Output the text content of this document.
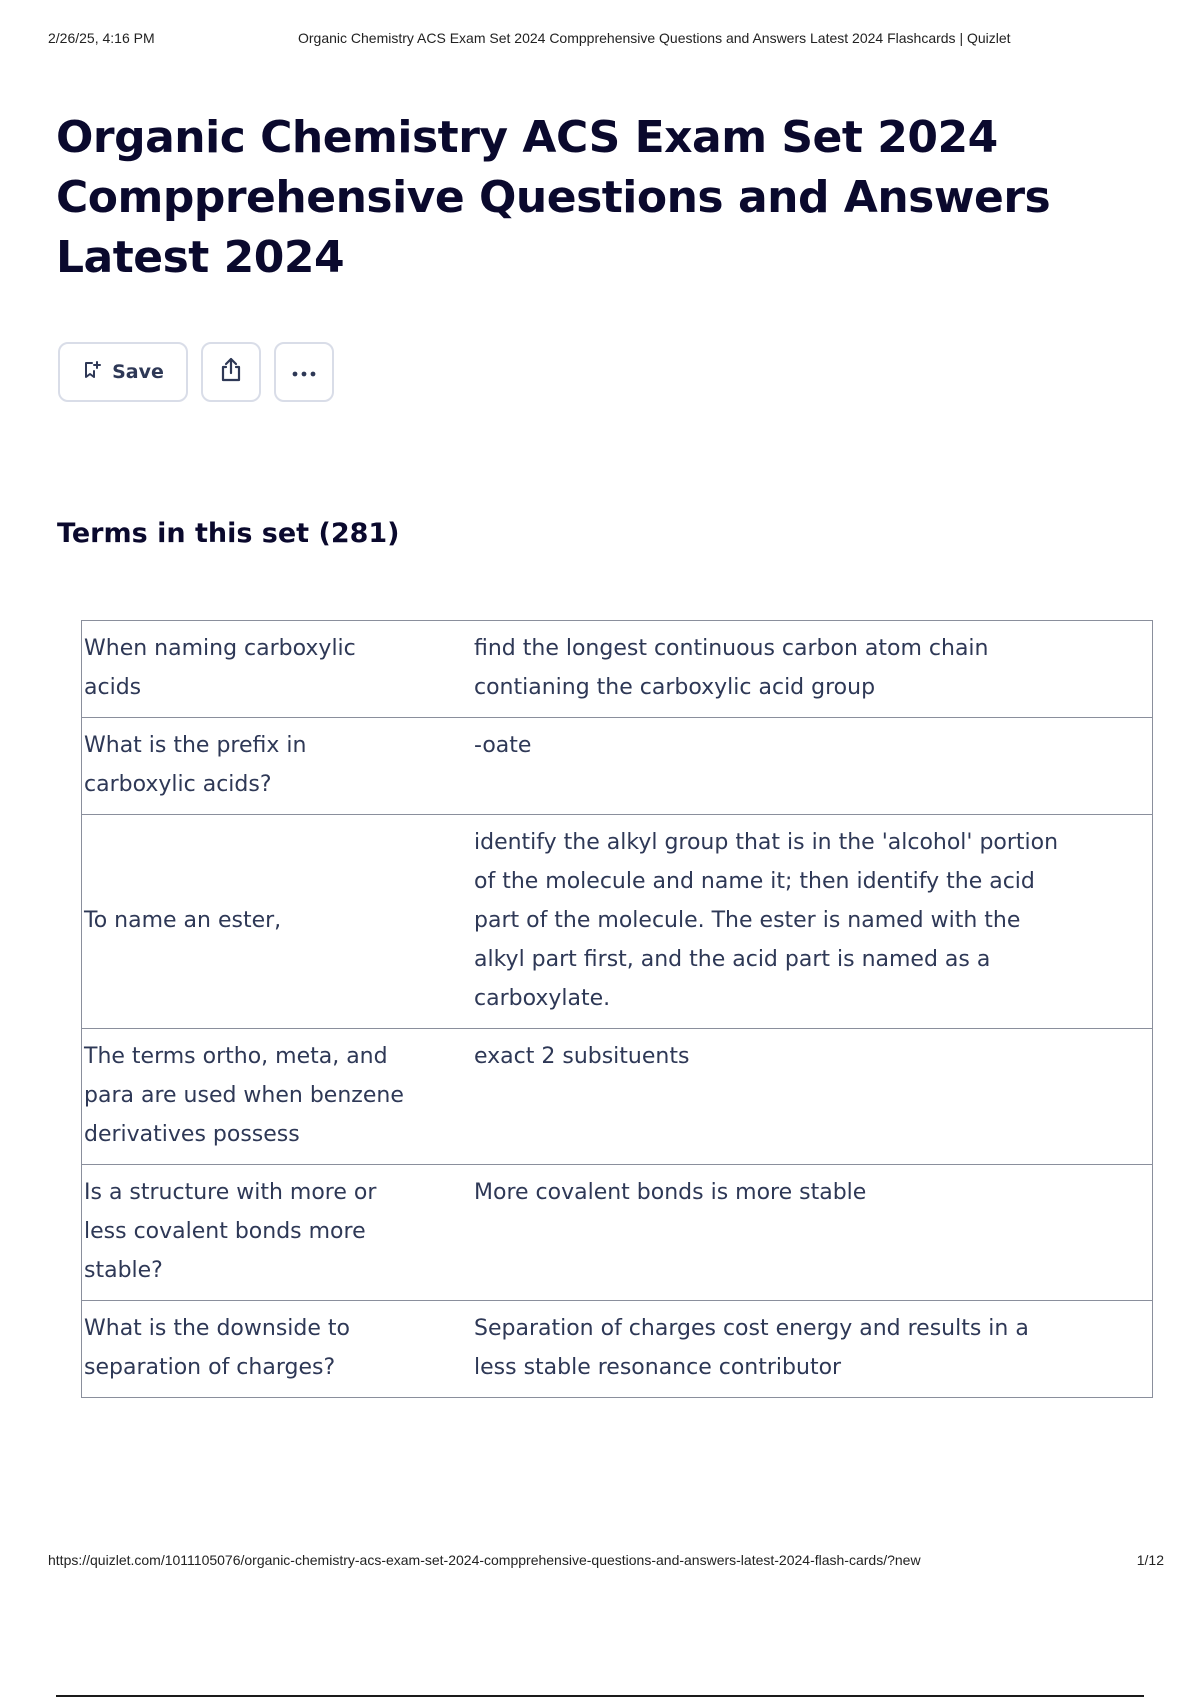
2/26/25, 4:16 PM	Organic Chemistry ACS Exam Set 2024 Compprehensive Questions and Answers Latest 2024 Flashcards | Quizlet
Organic Chemistry ACS Exam Set 2024 Compprehensive Questions and Answers Latest 2024
Save
Terms in this set (281)
When naming carboxylic acids	find the longest continuous carbon atom chain contianing the carboxylic acid group
What is the prefix in carboxylic acids?	-oate
To name an ester,	identify the alkyl group that is in the 'alcohol' portion of the molecule and name it; then identify the acid part of the molecule. The ester is named with the alkyl part first, and the acid part is named as a carboxylate.
The terms ortho, meta, and para are used when benzene derivatives possess	exact 2 subsituents
Is a structure with more or less covalent bonds more stable?	More covalent bonds is more stable
What is the downside to separation of charges?	Separation of charges cost energy and results in a less stable resonance contributor
https://quizlet.com/1011105076/organic-chemistry-acs-exam-set-2024-compprehensive-questions-and-answers-latest-2024-flash-cards/?new	1/12
